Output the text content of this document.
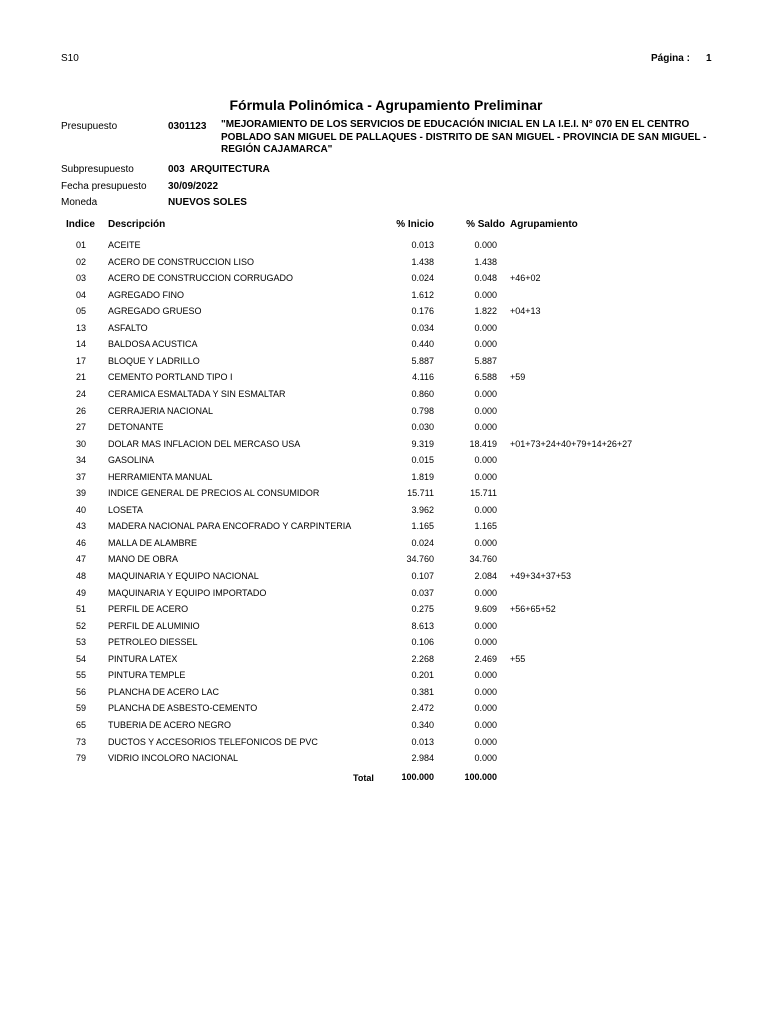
S10	Página : 1
Fórmula Polinómica - Agrupamiento Preliminar
Presupuesto	0301123 "MEJORAMIENTO DE LOS SERVICIOS DE EDUCACIÓN INICIAL EN LA I.E.I. N° 070 EN EL CENTRO POBLADO SAN MIGUEL DE PALLAQUES - DISTRITO DE SAN MIGUEL - PROVINCIA DE SAN MIGUEL - REGIÓN CAJAMARCA"
Subpresupuesto	003  ARQUITECTURA
Fecha presupuesto 30/09/2022
Moneda	NUEVOS SOLES
Indice Descripción	% Inicio	% Saldo Agrupamiento
01	ACEITE	0.013	0.000
02	ACERO DE CONSTRUCCION LISO	1.438	1.438
03	ACERO DE CONSTRUCCION CORRUGADO	0.024	0.048 +46+02
04	AGREGADO FINO	1.612	0.000
05	AGREGADO GRUESO	0.176	1.822 +04+13
13	ASFALTO	0.034	0.000
14	BALDOSA ACUSTICA	0.440	0.000
17	BLOQUE Y LADRILLO	5.887	5.887
21	CEMENTO PORTLAND TIPO I	4.116	6.588 +59
24	CERAMICA ESMALTADA Y SIN ESMALTAR	0.860	0.000
26	CERRAJERIA NACIONAL	0.798	0.000
27	DETONANTE	0.030	0.000
30	DOLAR MAS INFLACION DEL MERCASO USA	9.319	18.419 +01+73+24+40+79+14+26+27
34	GASOLINA	0.015	0.000
37	HERRAMIENTA MANUAL	1.819	0.000
39	INDICE GENERAL DE PRECIOS AL CONSUMIDOR	15.711	15.711
40	LOSETA	3.962	0.000
43	MADERA NACIONAL PARA ENCOFRADO Y CARPINTERIA	1.165	1.165
46	MALLA DE ALAMBRE	0.024	0.000
47	MANO DE OBRA	34.760	34.760
48	MAQUINARIA Y EQUIPO NACIONAL	0.107	2.084 +49+34+37+53
49	MAQUINARIA Y EQUIPO IMPORTADO	0.037	0.000
51	PERFIL DE ACERO	0.275	9.609 +56+65+52
52	PERFIL DE ALUMINIO	8.613	0.000
53	PETROLEO DIESSEL	0.106	0.000
54	PINTURA LATEX	2.268	2.469 +55
55	PINTURA TEMPLE	0.201	0.000
56	PLANCHA DE ACERO LAC	0.381	0.000
59	PLANCHA DE ASBESTO-CEMENTO	2.472	0.000
65	TUBERIA DE ACERO NEGRO	0.340	0.000
73	DUCTOS Y ACCESORIOS TELEFONICOS DE PVC	0.013	0.000
79	VIDRIO INCOLORO NACIONAL	2.984	0.000
Total	100.000	100.000
